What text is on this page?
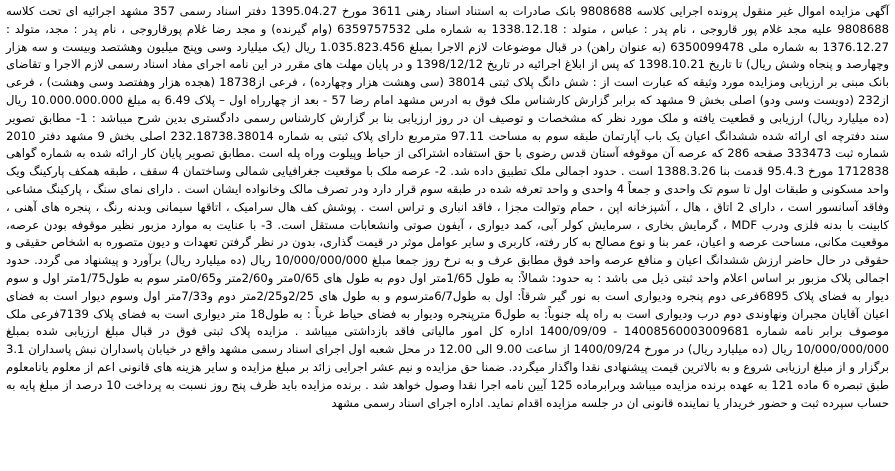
آگهی مزایده اموال غیر منقول پرونده اجرایی کلاسه 9808688 بانک صادرات به استناد اسناد رهنی 3611 مورخ 1395.04.27 دفتر اسناد رسمی 357 مشهد اجرائیه ای تحت کلاسه 9808688 علیه مجد غلام پور قاروجی ، نام پدر : عباس ، متولد : 1338.12.18 به شماره ملی 6359757532 (وام گیرنده) و مجد رضا غلام پورقاروجی ، نام پدر : مجد، متولد : 1376.12.27 به شماره ملی 6350099478 (به عنوان راهن) در قبال موضوعات لازم الاجرا بمبلغ 1.035.823.456 ریال (یک میلیارد وسی وپنج میلیون وهشتصد وبیست و سه هزار وچهارصد و پنجاه وشش ریال) تا تاریخ 1398.10.21 که پس از ابلاغ اجرائیه در تاریخ 1398/12/12 و در پایان مهلت های مقرر در این نامه اجرای مفاد اسناد رسمی لازم الاجرا و تقاضای بانک مبنی بر ارزیابی ومزایده مورد وثیقه که عبارت است از : شش دانگ پلاک ثبتی 38014 (سی وهشت هزار وچهارده) ، فرعی از18738 (هجده هزار وهفتصد وسی وهشت) ، فرعی از232 (دویست وسی ودو) اصلی بخش 9 مشهد که برابر گزارش کارشناس ملک فوق به ادرس مشهد امام رضا 57 - بعد از چهارراه اول – پلاک 6.49 به مبلغ 10.000.000.000 ریال (ده میلیارد ریال) ارزیابی و قطعیت یافته و ملک مورد نظر که مشخصات و توصیف ان در روز ارزیابی بنا بر گزارش کارشناس رسمی دادگستری بدین شرح میباشد : 1- مطابق تصویر سند دفترچه ای ارائه شده ششدانگ اعیان یک باب آپارتمان طبقه سوم به مساحت 97.11 مترمربع دارای پلاک ثبتی به شماره 232.18738.38014 اصلی بخش 9 مشهد دفتر 2010 شماره ثبت 333473 صفحه 286 که عرصه آن موقوفه آستان قدس رضوی با حق استفاده اشتراکی از حیاط وپیلوت وراه پله است .مطابق تصویر پایان کار ارائه شده به شماره گواهی 1712838 مورخ 95.4.3 قدمت بنا 1388.3.26 است . حدود اجمالی ملک تطبیق داده شد. 2- عرصه ملک با موقعیت جغرافیایی شمالی وساختمان 4 سقف ، طبقه همکف پارکینگ ویک واحد مسکونی و طبقات اول تا سوم تک واحدی و جمعاً 4 واحدی و واحد تعرفه شده در طبقه سوم قرار دارد ودر تصرف مالک وخانواده ایشان است . دارای نمای سنگ ، پارکینگ مشاعی وفاقد آسانسور است ، دارای 2 اتاق ، هال ، آشپزخانه اپن ، حمام وتوالت مجزا ، فاقد انباری و تراس است . پوشش کف هال سرامیک ، اتاقها سیمانی وبدنه رنگ ، پنجره های آهنی ، کابینت با بدنه فلزی ودرب MDF ، گرمایش بخاری ، سرمایش کولر آبی، کمد دیواری ، آیفون صوتی وانشعابات مستقل است. 3- با عنایت به موارد مزبور نظیر موقوفه بودن عرصه، موقعیت مکانی، مساحت عرصه و اعیان، عمر بنا و نوع مصالح به کار رفته، کاربری و سایر عوامل موثر در قیمت گذاری، بدون در نظر گرفتن تعهدات و دیون متصوره به اشخاص حقیقی و حقوقی در حال حاضر ارزش ششدانگ اعیان و منافع عرصه واحد فوق مطابق عرف و به نرخ روز جمعا مبلغ 10/000/000/000 ریال (ده میلیارد ریال) برآورد و پیشنهاد می گردد. حدود اجمالی پلاک مزبور بر اساس اعلام واحد ثبتی ذیل می باشد : به حدود: شمالاً: به طول 1/65متر اول دوم به طول های 0/65متر و2/60متر و0/65متر سوم به طول1/75متر اول و سوم دیوار به فضای پلاک 6895فرعی دوم پنجره ودیواری است به نور گیر شرقاً: اول به طول6/7مترسوم و به طول های 2/25و2/25متر دوم و7/33متر اول وسوم دیوار است به فضای اعیان آقایان مجبران ونهاوندی دوم درب ودیواری است به راه پله جنوباً: به طول6 مترپنجره ودیوار به فضای حیاط غرباً : به طول18 متر دیواری است به فضای پلاک 7139فرعی ملک موصوف برابر نامه شماره 14008560003009681 - 1400/09/09 اداره کل امور مالیاتی فاقد بازداشتی میباشد . مزایده پلاک ثبتی فوق در قبال مبلغ ارزیابی شده بمبلغ 10/000/000/000 ریال (ده میلیارد ریال) در مورخ 1400/09/24 از ساعت 9.00 الی 12.00 در محل شعبه اول اجرای اسناد رسمی مشهد واقع در خیابان پاسداران نبش پاسداران 3.1 برگزار و از مبلغ ارزیابی شروع و به بالاترین قیمت پیشنهادی نقدا واگذار میگردد. ضمنا حق مزایده و نیم عشر اجرایی زائد بر مبلغ مزایده و سایر هزینه های قانونی اعم از معلوم یانامعلوم طبق تبصره 6 ماده 121 به عهده برنده مزایده میباشد وبرابرماده 125 آیین نامه اجرا نقدا وصول خواهد شد . برنده مزایده باید ظرف پنج روز نسبت به پرداخت 10 درصد از مبلغ پایه به حساب سپرده ثبت و حضور خریدار یا نماینده قانونی ان در جلسه مزایده اقدام نماید. اداره اجرای اسناد رسمی مشهد
